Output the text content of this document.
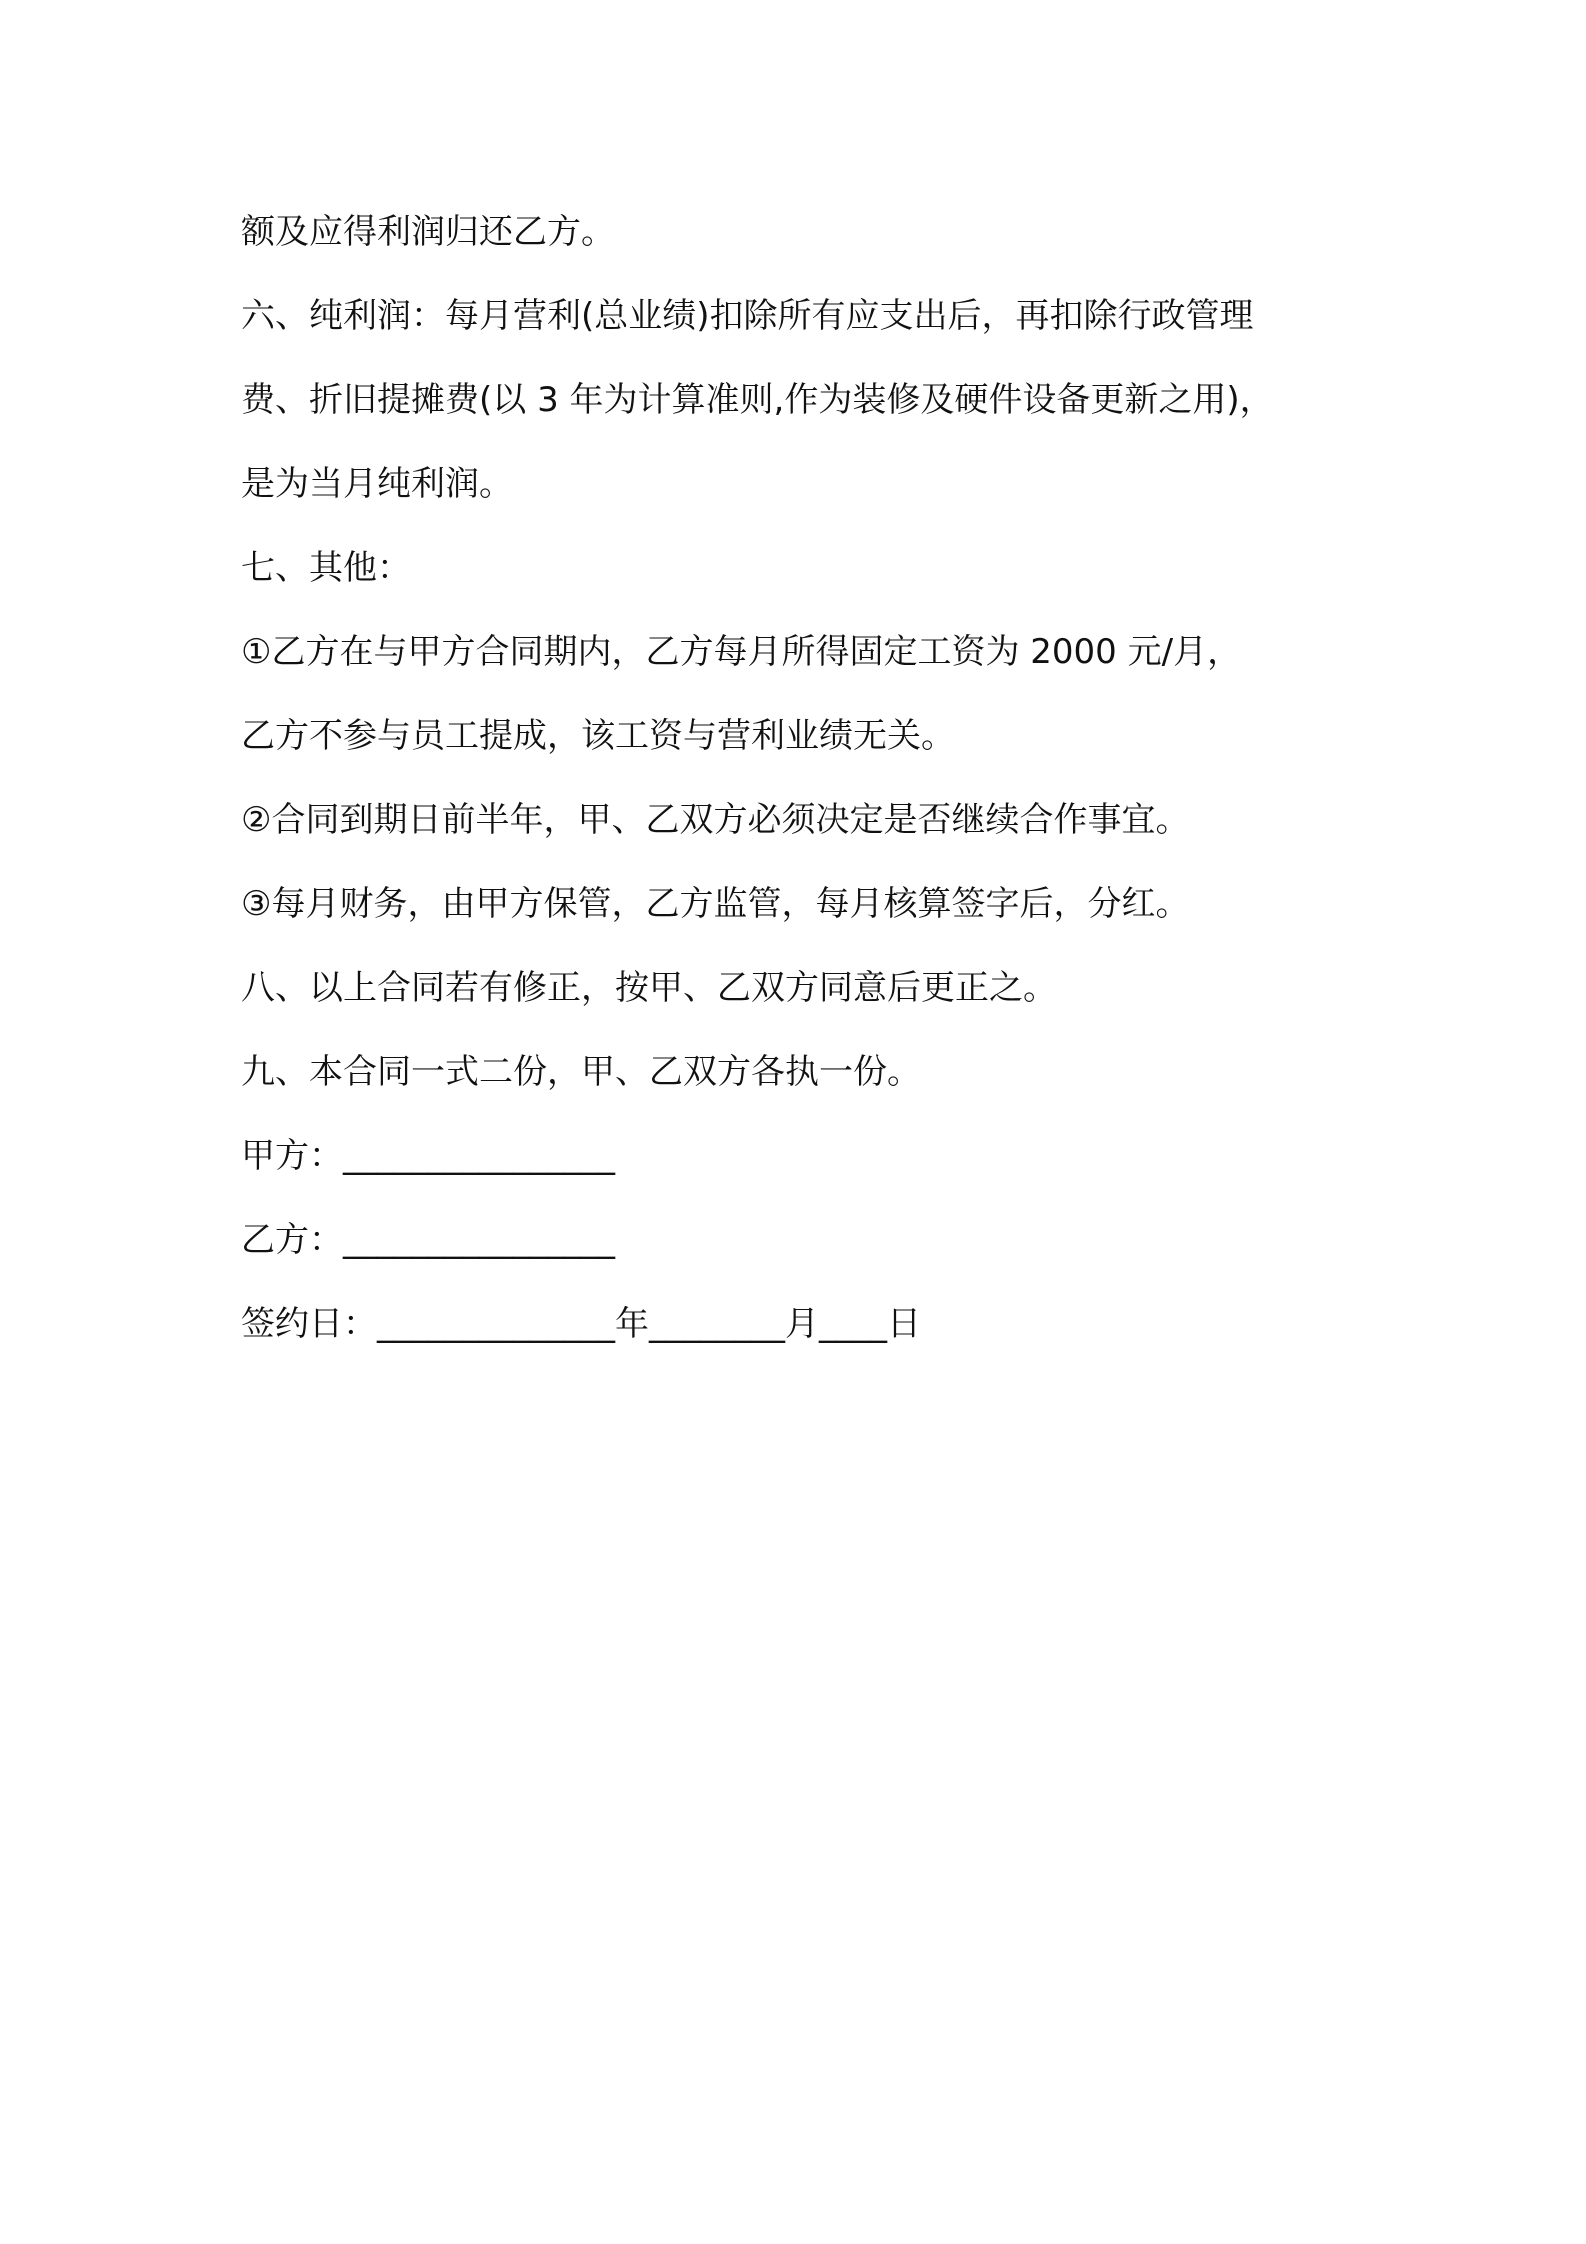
额及应得利润归还乙方。
六、纯利润：每月营利(总业绩)扣除所有应支出后，再扣除行政管理
费、折旧提摊费(以 3 年为计算准则,作为装修及硬件设备更新之用)，
是为当月纯利润。
七、其他：
①乙方在与甲方合同期内，乙方每月所得固定工资为 2000 元/月，
乙方不参与员工提成，该工资与营利业绩无关。
②合同到期日前半年，甲、乙双方必须决定是否继续合作事宜。
③每月财务，由甲方保管，乙方监管，每月核算签字后，分红。
八、以上合同若有修正，按甲、乙双方同意后更正之。
九、本合同一式二份，甲、乙双方各执一份。
甲方：________________
乙方：________________
签约日：______________年________月____日
